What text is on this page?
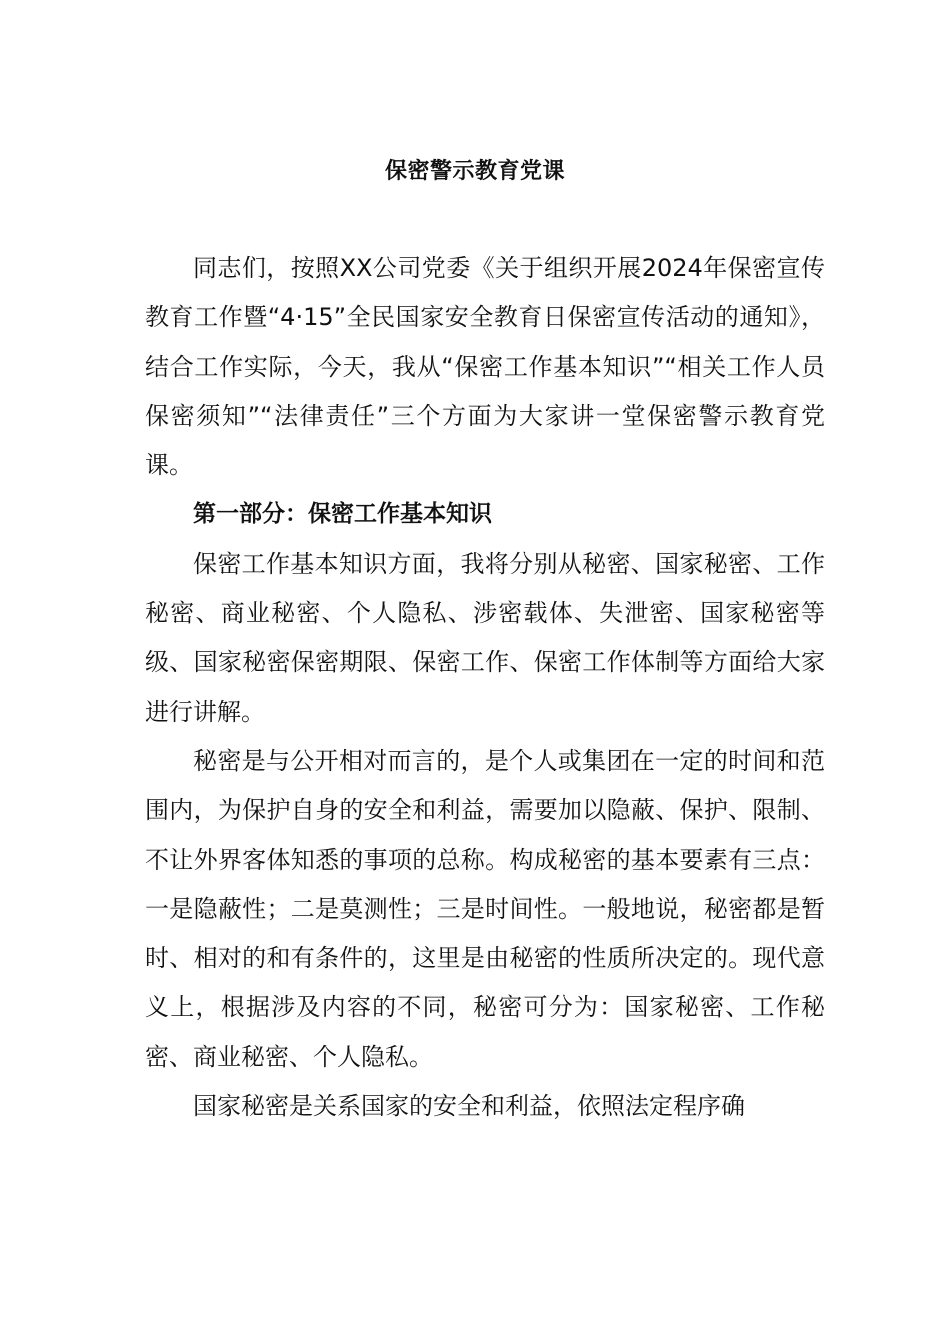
保密警示教育党课

同志们，按照XX公司党委《关于组织开展2024年保密宣传教育工作暨“4·15”全民国家安全教育日保密宣传活动的通知》，结合工作实际，今天，我从“保密工作基本知识”“相关工作人员保密须知”“法律责任”三个方面为大家讲一堂保密警示教育党课。

第一部分：保密工作基本知识

保密工作基本知识方面，我将分别从秘密、国家秘密、工作秘密、商业秘密、个人隐私、涉密载体、失泄密、国家秘密等级、国家秘密保密期限、保密工作、保密工作体制等方面给大家进行讲解。

秘密是与公开相对而言的，是个人或集团在一定的时间和范围内，为保护自身的安全和利益，需要加以隐蔽、保护、限制、不让外界客体知悉的事项的总称。构成秘密的基本要素有三点：一是隐蔽性；二是莫测性；三是时间性。一般地说，秘密都是暂时、相对的和有条件的，这里是由秘密的性质所决定的。现代意义上，根据涉及内容的不同，秘密可分为：国家秘密、工作秘密、商业秘密、个人隐私。

国家秘密是关系国家的安全和利益，依照法定程序确
